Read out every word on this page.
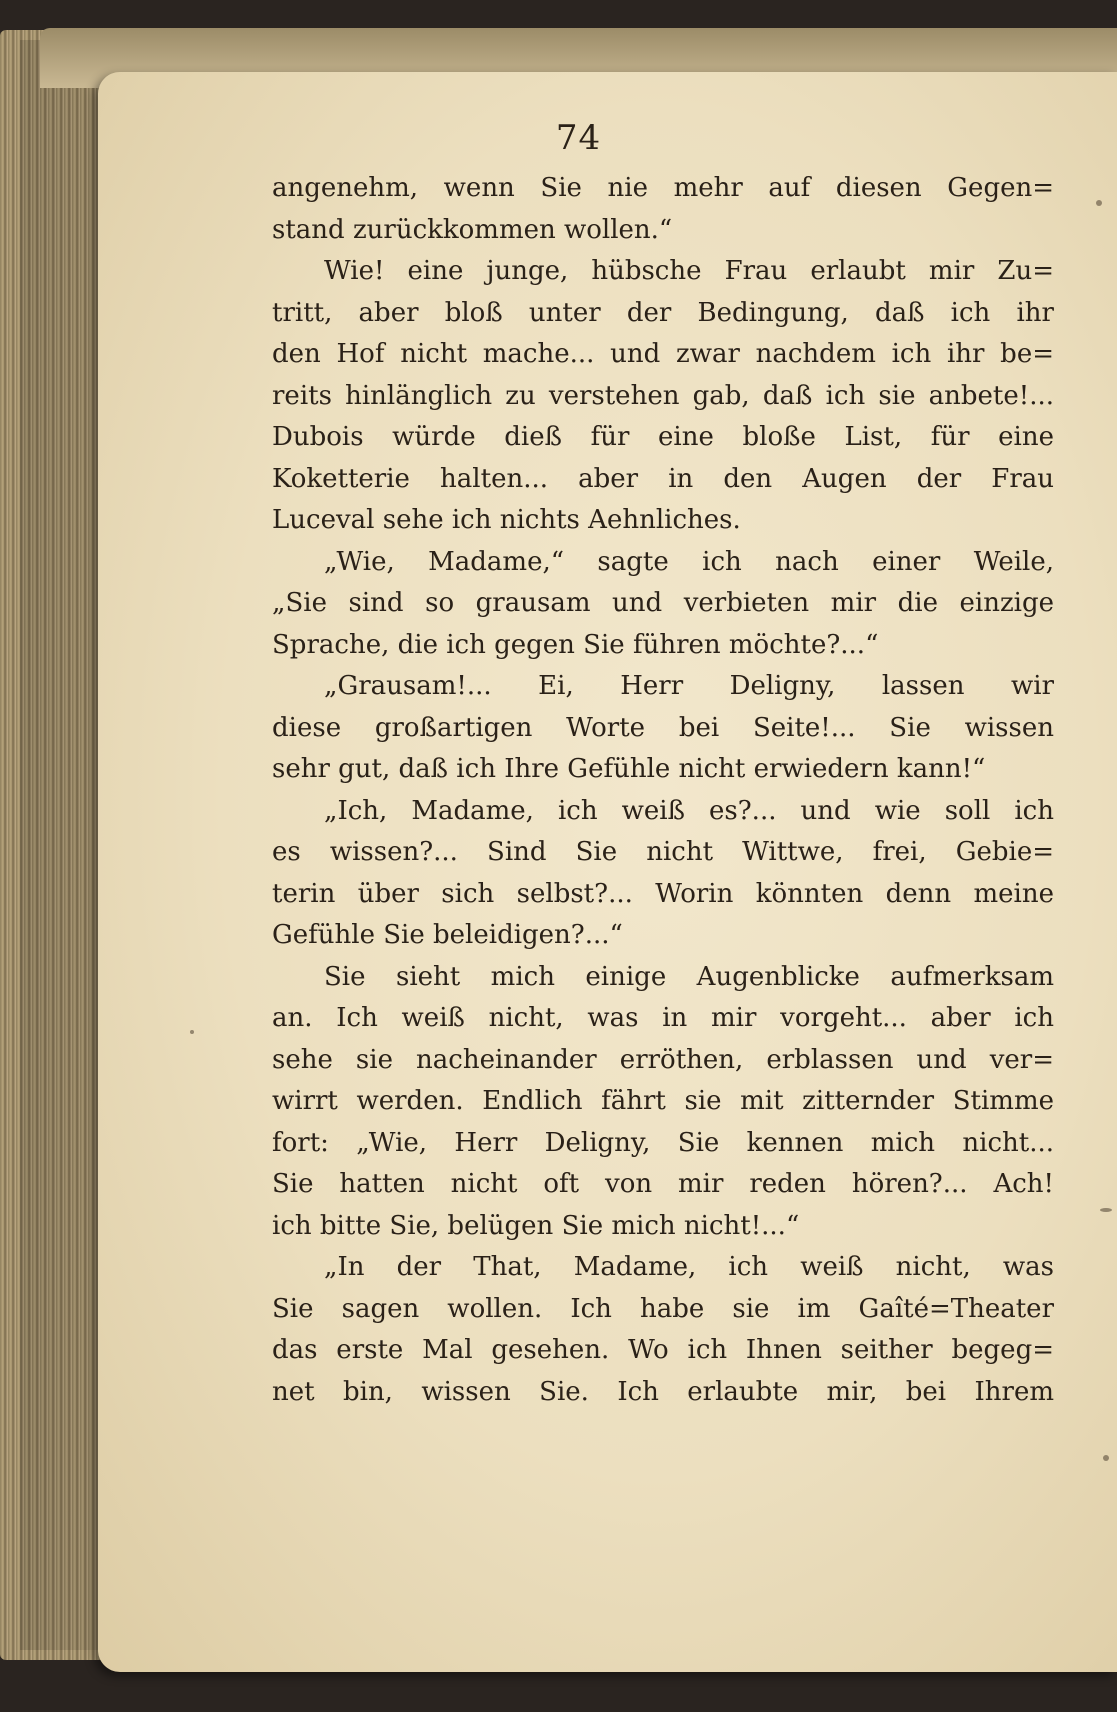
74
angenehm, wenn Sie nie mehr auf diesen Gegen=
stand zurückkommen wollen.“
Wie! eine junge, hübsche Frau erlaubt mir Zu=
tritt, aber bloß unter der Bedingung, daß ich ihr
den Hof nicht mache... und zwar nachdem ich ihr be=
reits hinlänglich zu verstehen gab, daß ich sie anbete!...
Dubois würde dieß für eine bloße List, für eine
Koketterie halten... aber in den Augen der Frau
Luceval sehe ich nichts Aehnliches.
„Wie, Madame,“ sagte ich nach einer Weile,
„Sie sind so grausam und verbieten mir die einzige
Sprache, die ich gegen Sie führen möchte?...“
„Grausam!... Ei, Herr Deligny, lassen wir
diese großartigen Worte bei Seite!... Sie wissen
sehr gut, daß ich Ihre Gefühle nicht erwiedern kann!“
„Ich, Madame, ich weiß es?... und wie soll ich
es wissen?... Sind Sie nicht Wittwe, frei, Gebie=
terin über sich selbst?... Worin könnten denn meine
Gefühle Sie beleidigen?...“
Sie sieht mich einige Augenblicke aufmerksam
an. Ich weiß nicht, was in mir vorgeht... aber ich
sehe sie nacheinander erröthen, erblassen und ver=
wirrt werden. Endlich fährt sie mit zitternder Stimme
fort: „Wie, Herr Deligny, Sie kennen mich nicht...
Sie hatten nicht oft von mir reden hören?... Ach!
ich bitte Sie, belügen Sie mich nicht!...“
„In der That, Madame, ich weiß nicht, was
Sie sagen wollen. Ich habe sie im Gaîté=Theater
das erste Mal gesehen. Wo ich Ihnen seither begeg=
net bin, wissen Sie. Ich erlaubte mir, bei Ihrem
